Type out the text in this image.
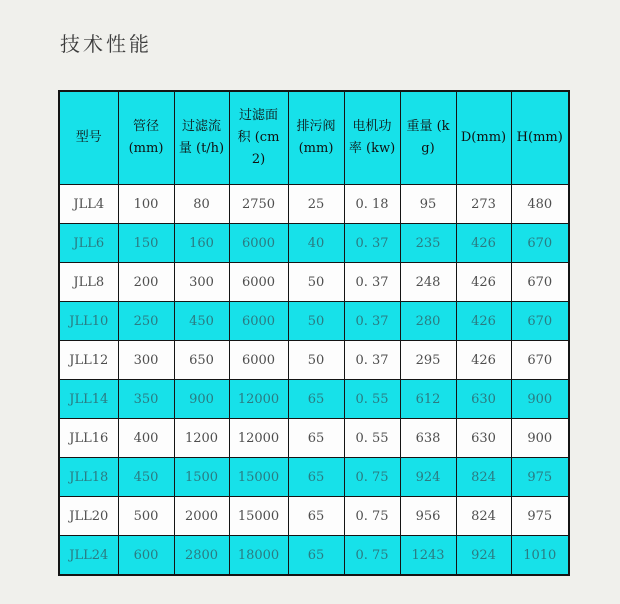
技术性能
型号	管径 (mm)	过滤流量 (t/h)	过滤面积 (cm2)	排污阀 (mm)	电机功率 (kw)	重量 (kg)	D(mm)	H(mm)
JLL4	100	80	2750	25	0. 18	95	273	480
JLL6	150	160	6000	40	0. 37	235	426	670
JLL8	200	300	6000	50	0. 37	248	426	670
JLL10	250	450	6000	50	0. 37	280	426	670
JLL12	300	650	6000	50	0. 37	295	426	670
JLL14	350	900	12000	65	0. 55	612	630	900
JLL16	400	1200	12000	65	0. 55	638	630	900
JLL18	450	1500	15000	65	0. 75	924	824	975
JLL20	500	2000	15000	65	0. 75	956	824	975
JLL24	600	2800	18000	65	0. 75	1243	924	1010
